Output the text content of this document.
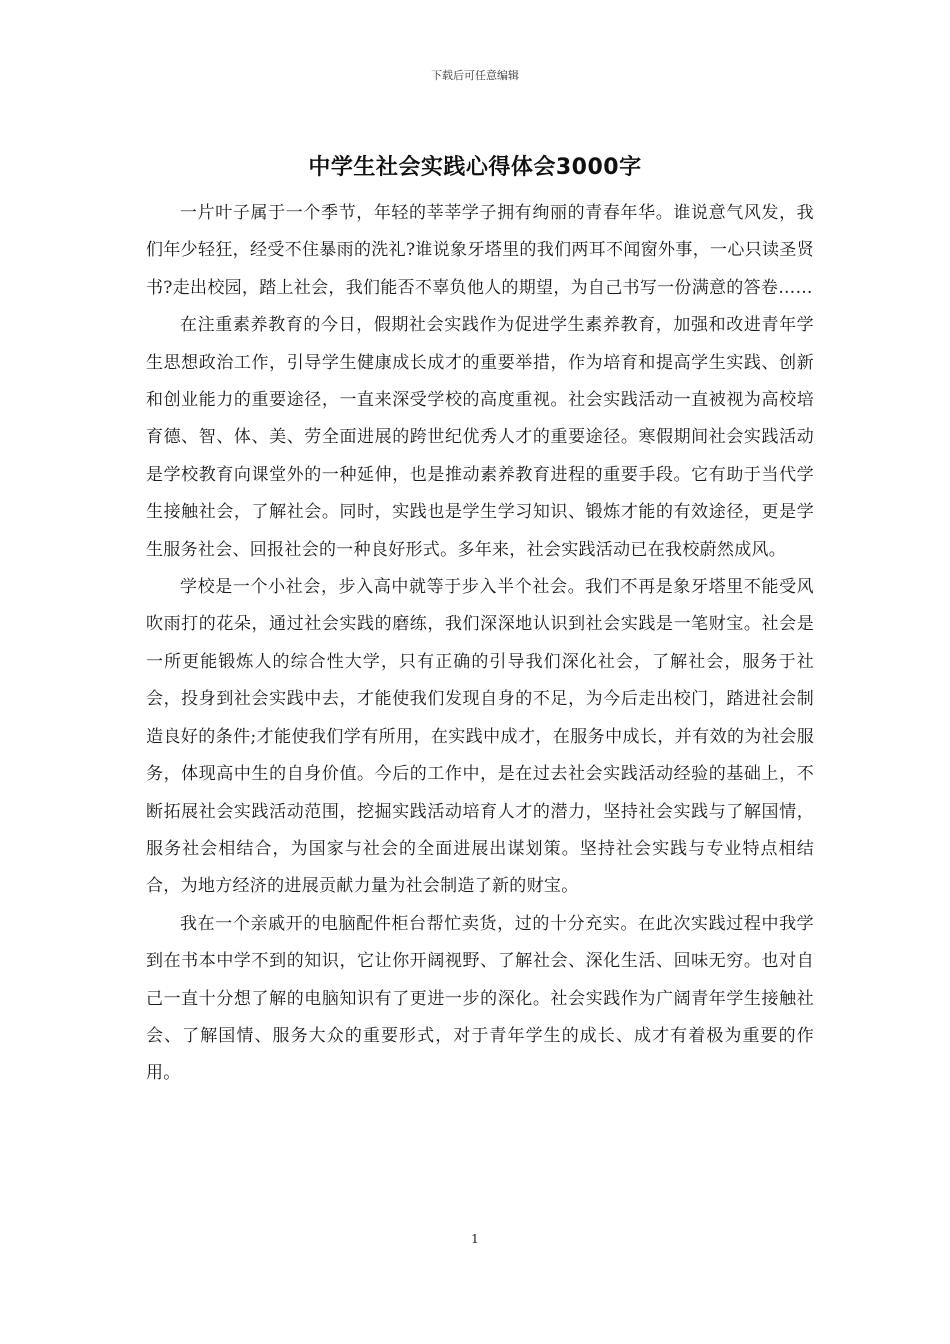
下载后可任意编辑
中学生社会实践心得体会3000字

一片叶子属于一个季节，年轻的莘莘学子拥有绚丽的青春年华。谁说意气风发，我们年少轻狂，经受不住暴雨的洗礼?谁说象牙塔里的我们两耳不闻窗外事，一心只读圣贤书?走出校园，踏上社会，我们能否不辜负他人的期望，为自己书写一份满意的答卷……

在注重素养教育的今日，假期社会实践作为促进学生素养教育，加强和改进青年学生思想政治工作，引导学生健康成长成才的重要举措，作为培育和提高学生实践、创新和创业能力的重要途径，一直来深受学校的高度重视。社会实践活动一直被视为高校培育德、智、体、美、劳全面进展的跨世纪优秀人才的重要途径。寒假期间社会实践活动是学校教育向课堂外的一种延伸，也是推动素养教育进程的重要手段。它有助于当代学生接触社会，了解社会。同时，实践也是学生学习知识、锻炼才能的有效途径，更是学生服务社会、回报社会的一种良好形式。多年来，社会实践活动已在我校蔚然成风。

学校是一个小社会，步入高中就等于步入半个社会。我们不再是象牙塔里不能受风吹雨打的花朵，通过社会实践的磨练，我们深深地认识到社会实践是一笔财宝。社会是一所更能锻炼人的综合性大学，只有正确的引导我们深化社会，了解社会，服务于社会，投身到社会实践中去，才能使我们发现自身的不足，为今后走出校门，踏进社会制造良好的条件;才能使我们学有所用，在实践中成才，在服务中成长，并有效的为社会服务，体现高中生的自身价值。今后的工作中，是在过去社会实践活动经验的基础上，不断拓展社会实践活动范围，挖掘实践活动培育人才的潜力，坚持社会实践与了解国情，服务社会相结合，为国家与社会的全面进展出谋划策。坚持社会实践与专业特点相结合，为地方经济的进展贡献力量为社会制造了新的财宝。

我在一个亲戚开的电脑配件柜台帮忙卖货，过的十分充实。在此次实践过程中我学到在书本中学不到的知识，它让你开阔视野、了解社会、深化生活、回味无穷。也对自己一直十分想了解的电脑知识有了更进一步的深化。社会实践作为广阔青年学生接触社会、了解国情、服务大众的重要形式，对于青年学生的成长、成才有着极为重要的作用。

1
